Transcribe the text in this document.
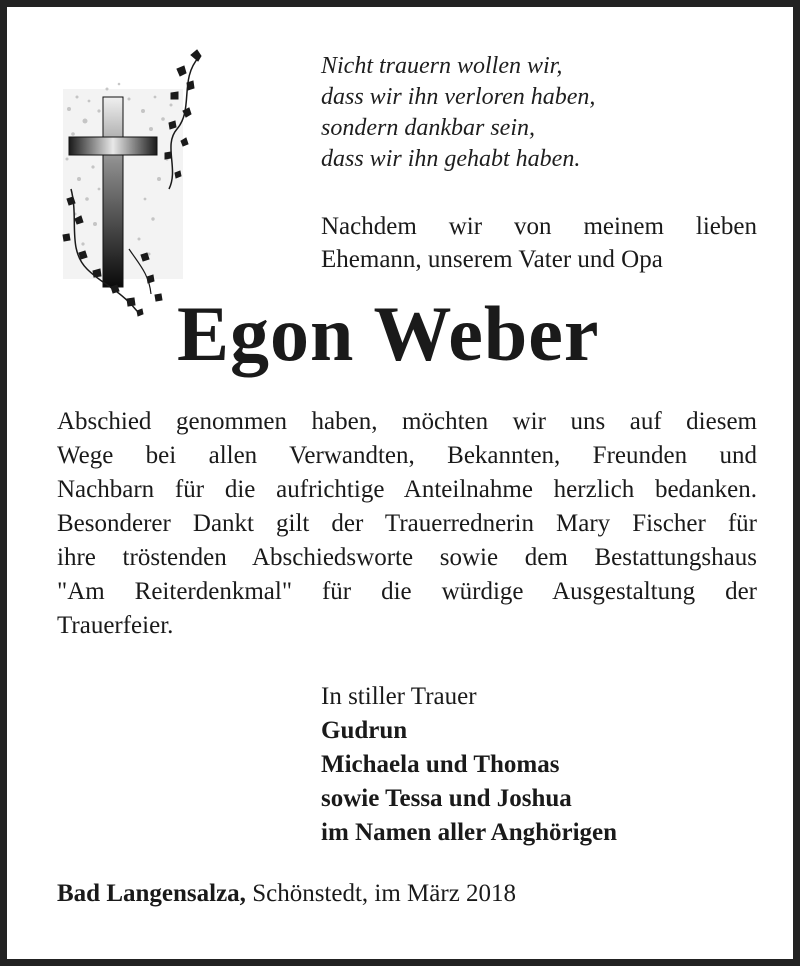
Nicht trauern wollen wir,
dass wir ihn verloren haben,
sondern dankbar sein,
dass wir ihn gehabt haben.
Nachdem wir von meinem lieben
Ehemann, unserem Vater und Opa
Egon Weber
Abschied genommen haben, möchten wir uns auf diesem
Wege bei allen Verwandten, Bekannten, Freunden und
Nachbarn für die aufrichtige Anteilnahme herzlich bedanken.
Besonderer Dankt gilt der Trauerrednerin Mary Fischer für
ihre tröstenden Abschiedsworte sowie dem Bestattungshaus
"Am Reiterdenkmal" für die würdige Ausgestaltung der
Trauerfeier.
In stiller Trauer
Gudrun
Michaela und Thomas
sowie Tessa und Joshua
im Namen aller Anghörigen
Bad Langensalza, Schönstedt, im März 2018
